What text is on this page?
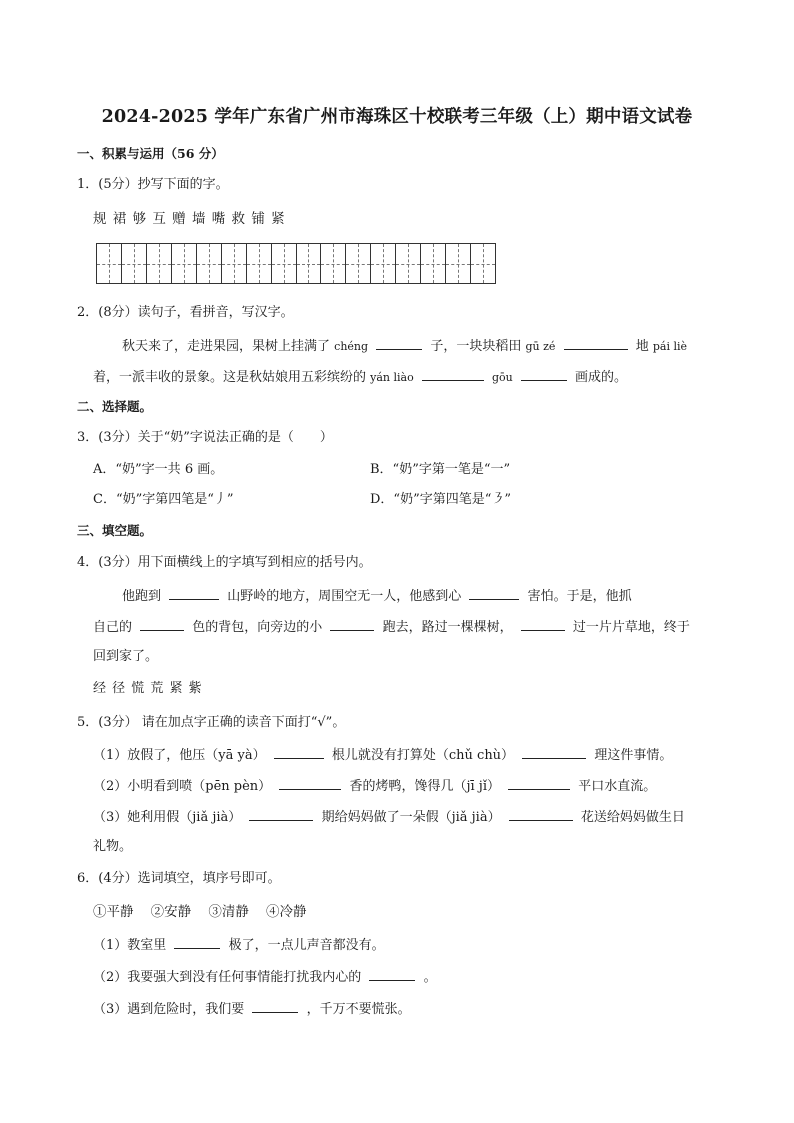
2024-2025 学年广东省广州市海珠区十校联考三年级（上）期中语文试卷
一、积累与运用（56 分）
1．(5分）抄写下面的字。
规 裙 够 互 赠 墙 嘴 救 铺 紧
2．(8分）读句子，看拼音，写汉字。
秋天来了，走进果园，果树上挂满了 chéng	子，一块块稻田 gū zé	地 pái liè
着，一派丰收的景象。这是秋姑娘用五彩缤纷的 yán liào	gōu	画成的。
二、选择题。
3．(3分）关于“奶”字说法正确的是（　　）
A．“奶”字一共 6 画。	B．“奶”字第一笔是“一”
C．“奶”字第四笔是“丿”	D．“奶”字第四笔是“㇋”
三、填空题。
4．(3分）用下面横线上的字填写到相应的括号内。
他跑到	山野岭的地方，周围空无一人，他感到心	害怕。于是，他抓
自己的	色的背包，向旁边的小	跑去，路过一棵棵树，	过一片片草地，终于
回到家了。
经 径 慌 荒 紧 紫
5．(3分） 请在加点字正确的读音下面打“√”。
（1）放假了，他压（yā yà）	根儿就没有打算处（chǔ chù）	理这件事情。
（2）小明看到喷（pēn pèn）	香的烤鸭，馋得几（jī jǐ）	平口水直流。
（3）她利用假（jiǎ jià）	期给妈妈做了一朵假（jiǎ jià）	花送给妈妈做生日
礼物。
6．(4分）选词填空，填序号即可。
①平静 ②安静 ③清静 ④冷静
（1）教室里	极了，一点儿声音都没有。
（2）我要强大到没有任何事情能打扰我内心的	。
（3）遇到危险时，我们要	，千万不要慌张。
